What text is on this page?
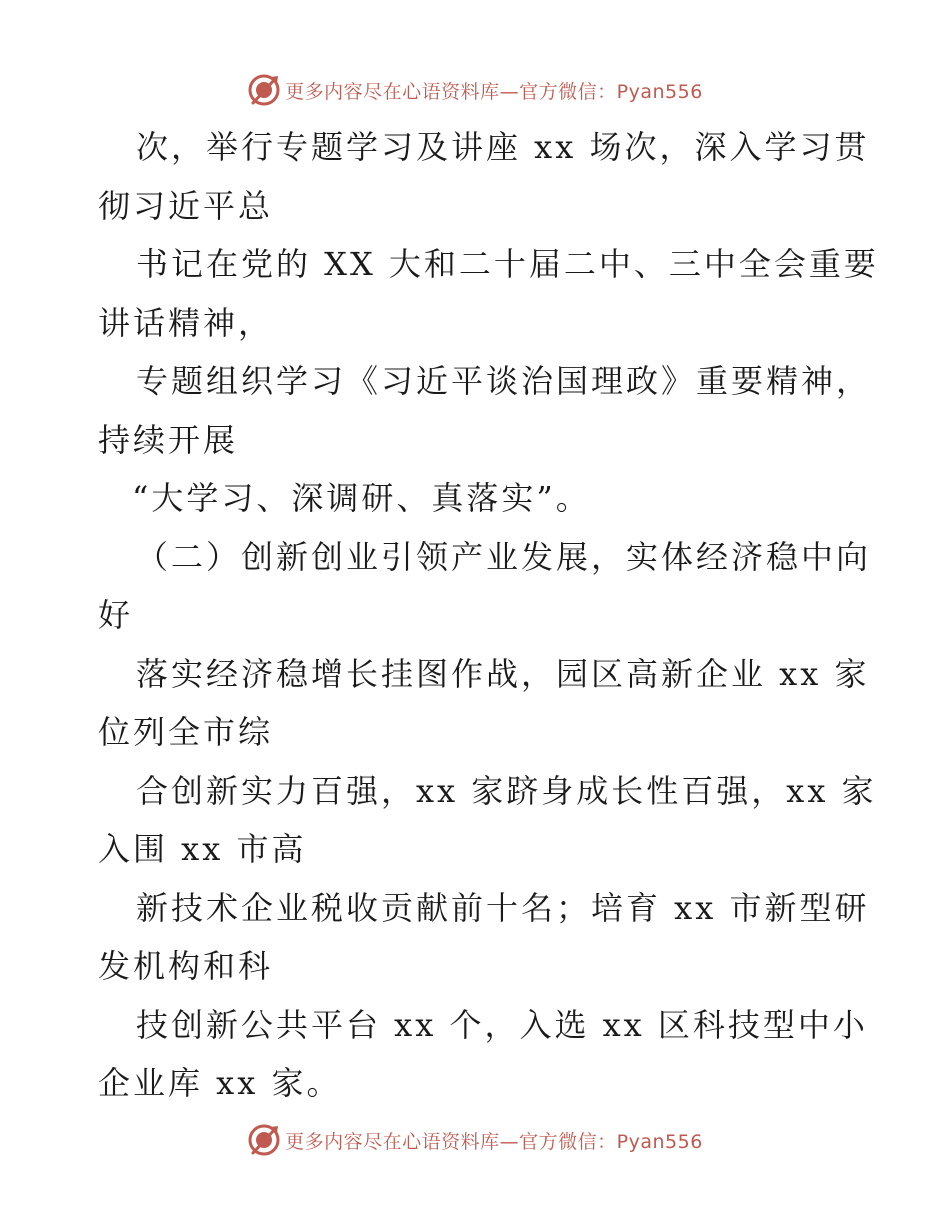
更多内容尽在心语资料库—官方微信：Pyan556

次，举行专题学习及讲座 xx 场次，深入学习贯

彻习近平总

书记在党的 XX 大和二十届二中、三中全会重要

讲话精神，

专题组织学习《习近平谈治国理政》重要精神，

持续开展

“大学习、深调研、真落实”。

（二）创新创业引领产业发展，实体经济稳中向

好

落实经济稳增长挂图作战，园区高新企业 xx 家

位列全市综

合创新实力百强，xx 家跻身成长性百强，xx 家

入围 xx 市高

新技术企业税收贡献前十名；培育 xx 市新型研

发机构和科

技创新公共平台 xx 个，入选 xx 区科技型中小

企业库 xx 家。

更多内容尽在心语资料库—官方微信：Pyan556
